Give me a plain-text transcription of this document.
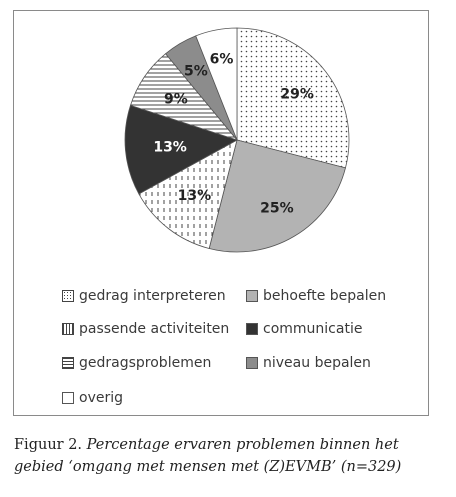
29%
25%
13%
13%
9%
5%
6%
gedrag interpreteren	behoefte bepalen
passende activiteiten communicatie
gedragsproblemen	niveau bepalen
overig
Figuur 2. Percentage ervaren problemen binnen het gebied ‘omgang met mensen met (Z)EVMB’ (n=329)
